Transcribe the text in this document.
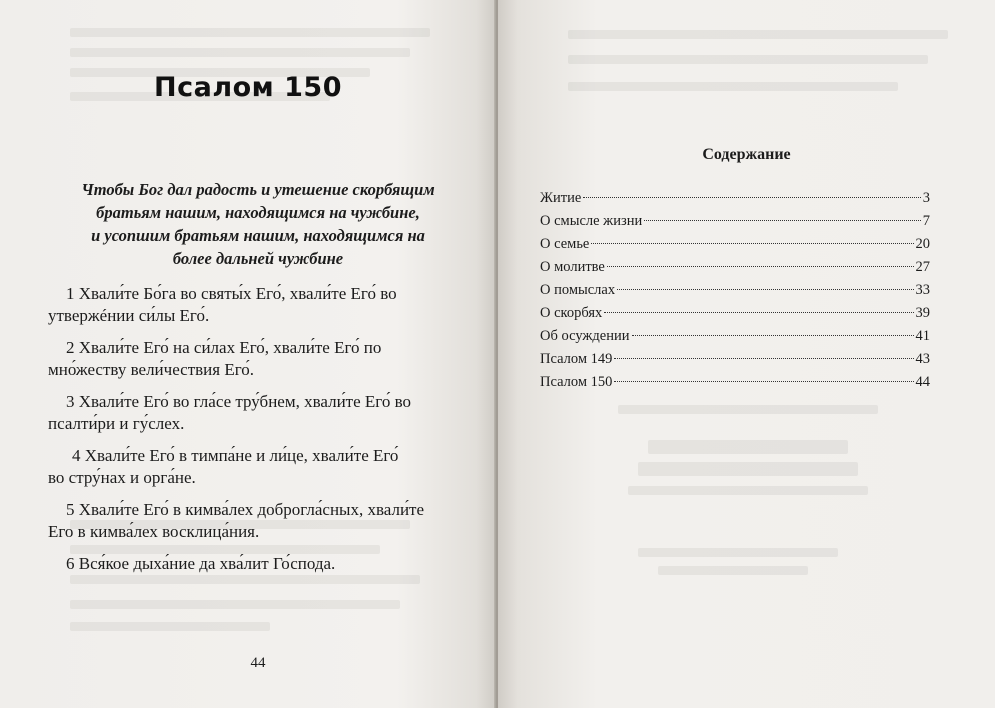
Псалом 150
Чтобы Бог дал радость и утешение скорбящим
братьям нашим, находящимся на чужбине,
и усопшим братьям нашим, находящимся на
более дальней чужбине

1 Хвали́те Бо́га во святы́х Его́, хвали́те Его́ во
утвержéнии си́лы Его́.

2 Хвали́те Его́ на си́лах Его́, хвали́те Его́ по
мно́жеству вели́чествия Его́.

3 Хвали́те Его́ во гла́се тру́бнем, хвали́те Его́ во
псалти́ри и гу́слех.

4 Хвали́те Его́ в тимпа́не и ли́це, хвали́те Его́
во стру́нах и орга́не.

5 Хвали́те Его́ в кимва́лех доброгла́сных, хвали́те
Его в кимва́лех восклица́ния.

6 Вся́кое дыха́ние да хва́лит Го́спода.

44
Содержание
Житие	3
О смысле жизни	7
О семье	20
О молитве	27
О помыслах	33
О скорбях	39
Об осуждении	41
Псалом 149	43
Псалом 150	44
